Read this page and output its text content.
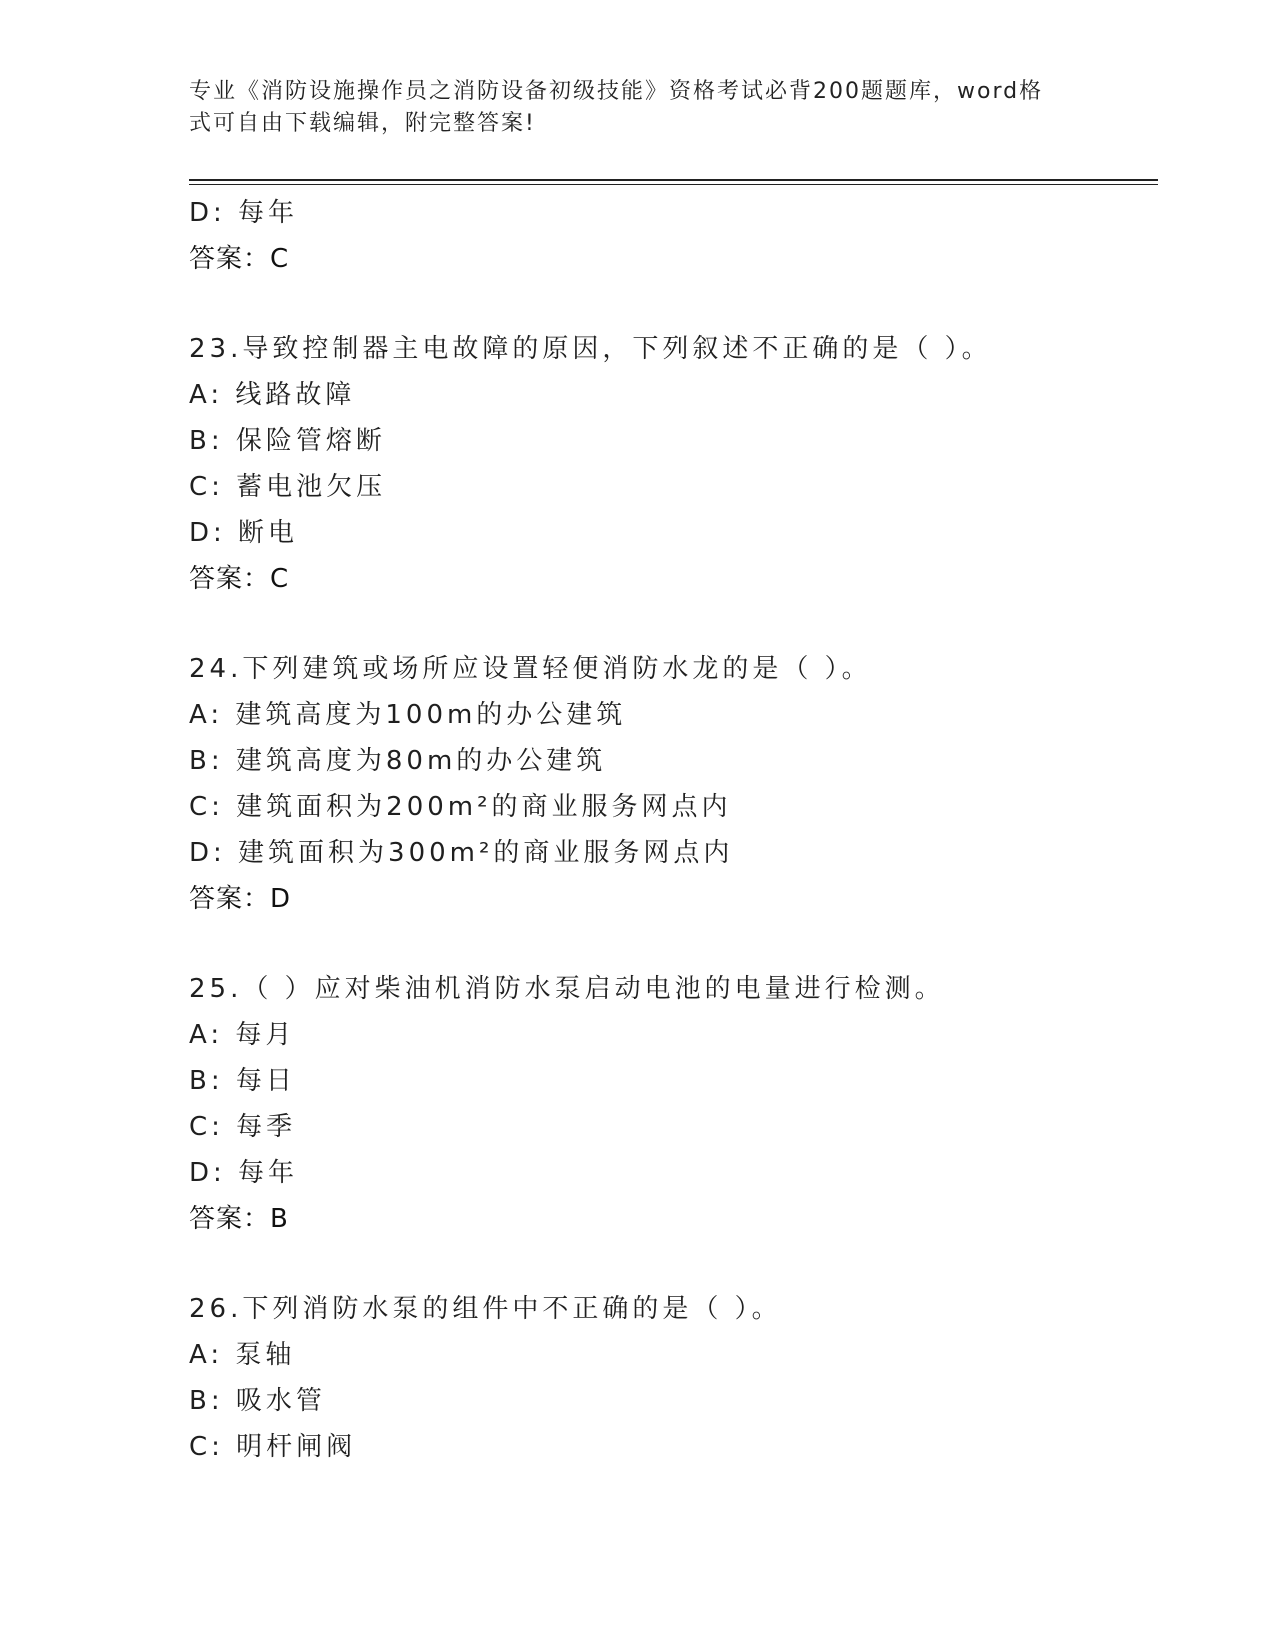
专业《消防设施操作员之消防设备初级技能》资格考试必背200题题库，word格
式可自由下载编辑，附完整答案!
D: 每年
答案：C
23.导致控制器主电故障的原因，下列叙述不正确的是（ ）。
A: 线路故障
B: 保险管熔断
C: 蓄电池欠压
D: 断电
答案：C
24.下列建筑或场所应设置轻便消防水龙的是（ ）。
A: 建筑高度为100m的办公建筑
B: 建筑高度为80m的办公建筑
C: 建筑面积为200m²的商业服务网点内
D: 建筑面积为300m²的商业服务网点内
答案：D
25.（ ）应对柴油机消防水泵启动电池的电量进行检测。
A: 每月
B: 每日
C: 每季
D: 每年
答案：B
26.下列消防水泵的组件中不正确的是（ ）。
A: 泵轴
B: 吸水管
C: 明杆闸阀
